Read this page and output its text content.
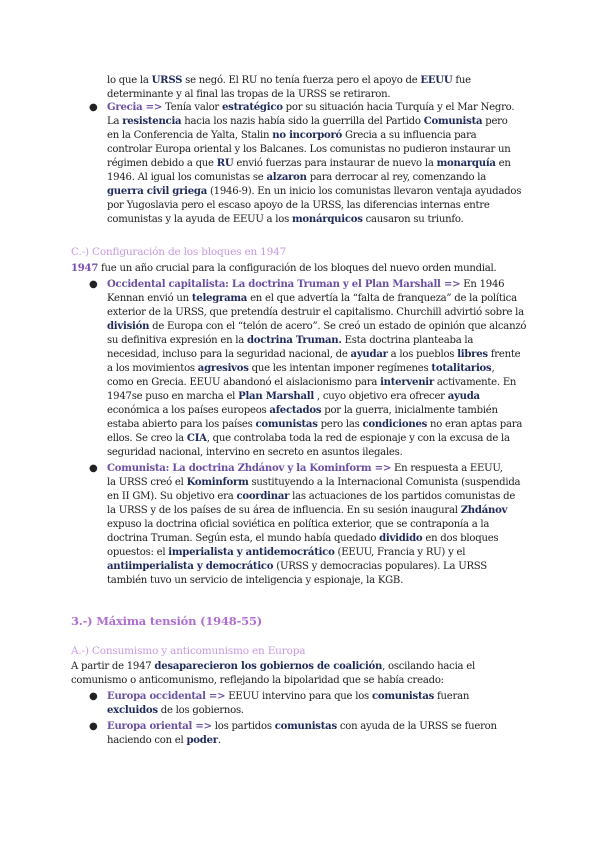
lo que la URSS se negó. El RU no tenía fuerza pero el apoyo de EEUU fue

determinante y al final las tropas de la URSS se retiraron.

● Grecia => Tenía valor estratégico por su situación hacia Turquía y el Mar Negro.

La resistencia hacia los nazis había sido la guerrilla del Partido Comunista pero

en la Conferencia de Yalta, Stalin no incorporó Grecia a su influencia para

controlar Europa oriental y los Balcanes. Los comunistas no pudieron instaurar un

régimen debido a que RU envió fuerzas para instaurar de nuevo la monarquía en

1946. Al igual los comunistas se alzaron para derrocar al rey, comenzando la

guerra civil griega (1946-9). En un inicio los comunistas llevaron ventaja ayudados

por Yugoslavia pero el escaso apoyo de la URSS, las diferencias internas entre

comunistas y la ayuda de EEUU a los monárquicos causaron su triunfo.

C.-) Configuración de los bloques en 1947

1947 fue un año crucial para la configuración de los bloques del nuevo orden mundial.

● Occidental capitalista: La doctrina Truman y el Plan Marshall => En 1946

Kennan envió un telegrama en el que advertía la “falta de franqueza” de la política

exterior de la URSS, que pretendía destruir el capitalismo. Churchill advirtió sobre la

división de Europa con el “telón de acero”. Se creó un estado de opinión que alcanzó

su definitiva expresión en la doctrina Truman. Esta doctrina planteaba la

necesidad, incluso para la seguridad nacional, de ayudar a los pueblos libres frente

a los movimientos agresivos que les intentan imponer regímenes totalitarios,

como en Grecia. EEUU abandonó el aislacionismo para intervenir activamente. En

1947se puso en marcha el Plan Marshall , cuyo objetivo era ofrecer ayuda

económica a los países europeos afectados por la guerra, inicialmente también

estaba abierto para los países comunistas pero las condiciones no eran aptas para

ellos. Se creo la CIA, que controlaba toda la red de espionaje y con la excusa de la

seguridad nacional, intervino en secreto en asuntos ilegales.

● Comunista: La doctrina Zhdánov y la Kominform => En respuesta a EEUU,

la URSS creó el Kominform sustituyendo a la Internacional Comunista (suspendida

en II GM). Su objetivo era coordinar las actuaciones de los partidos comunistas de

la URSS y de los países de su área de influencia. En su sesión inaugural Zhdánov

expuso la doctrina oficial soviética en política exterior, que se contraponía a la

doctrina Truman. Según esta, el mundo había quedado dividido en dos bloques

opuestos: el imperialista y antidemocrático (EEUU, Francia y RU) y el

antiimperialista y democrático (URSS y democracias populares). La URSS

también tuvo un servicio de inteligencia y espionaje, la KGB.

3.-) Máxima tensión (1948-55)
A.-) Consumismo y anticomunismo en Europa

A partir de 1947 desaparecieron los gobiernos de coalición, oscilando hacia el

comunismo o anticomunismo, reflejando la bipolaridad que se había creado:

● Europa occidental => EEUU intervino para que los comunistas fueran

excluidos de los gobiernos.

● Europa oriental => los partidos comunistas con ayuda de la URSS se fueron

haciendo con el poder.
